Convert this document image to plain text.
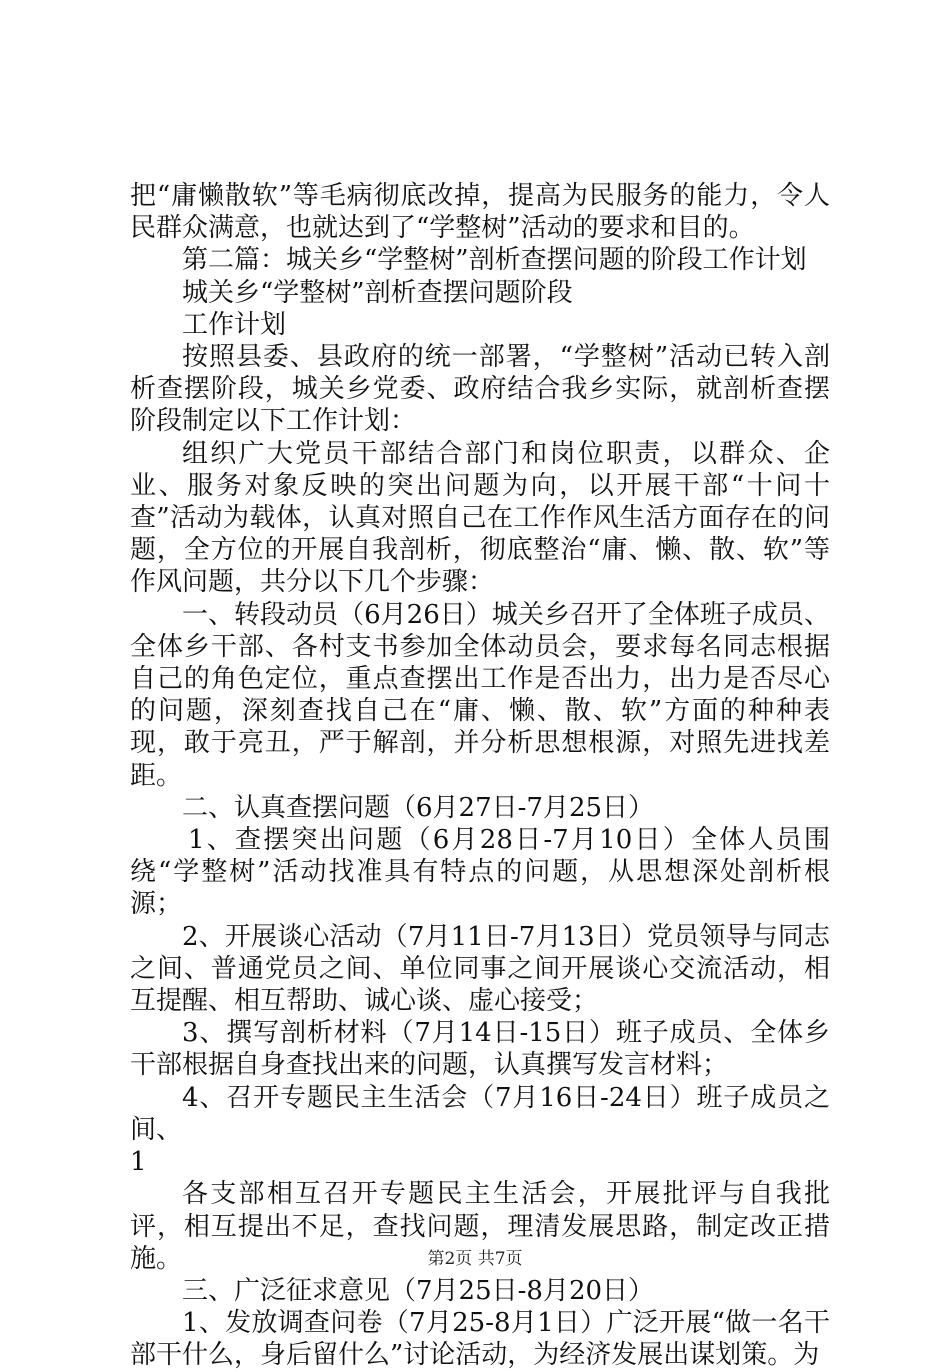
把“庸懒散软”等毛病彻底改掉，提高为民服务的能力，令人民群众满意，也就达到了“学整树”活动的要求和目的。

第二篇：城关乡“学整树”剖析查摆问题的阶段工作计划

城关乡“学整树”剖析查摆问题阶段

工作计划

按照县委、县政府的统一部署，“学整树”活动已转入剖析查摆阶段，城关乡党委、政府结合我乡实际，就剖析查摆阶段制定以下工作计划：

组织广大党员干部结合部门和岗位职责，以群众、企业、服务对象反映的突出问题为向，以开展干部“十问十查”活动为载体，认真对照自己在工作作风生活方面存在的问题，全方位的开展自我剖析，彻底整治“庸、懒、散、软”等作风问题，共分以下几个步骤：

一、转段动员（6月26日）城关乡召开了全体班子成员、全体乡干部、各村支书参加全体动员会，要求每名同志根据自己的角色定位，重点查摆出工作是否出力，出力是否尽心的问题，深刻查找自己在“庸、懒、散、软”方面的种种表现，敢于亮丑，严于解剖，并分析思想根源，对照先进找差距。

二、认真查摆问题（6月27日-7月25日）

1、查摆突出问题（6月28日-7月10日）全体人员围绕“学整树”活动找准具有特点的问题，从思想深处剖析根源；

2、开展谈心活动（7月11日-7月13日）党员领导与同志之间、普通党员之间、单位同事之间开展谈心交流活动，相互提醒、相互帮助、诚心谈、虚心接受；

3、撰写剖析材料（7月14日-15日）班子成员、全体乡干部根据自身查找出来的问题，认真撰写发言材料；

4、召开专题民主生活会（7月16日-24日）班子成员之间、

1

各支部相互召开专题民主生活会，开展批评与自我批评，相互提出不足，查找问题，理清发展思路，制定改正措施。

三、广泛征求意见（7月25日-8月20日）

1、发放调查问卷（7月25-8月1日）广泛开展“做一名干部干什么，身后留什么”讨论活动，为经济发展出谋划策。为

第2页 共7页
